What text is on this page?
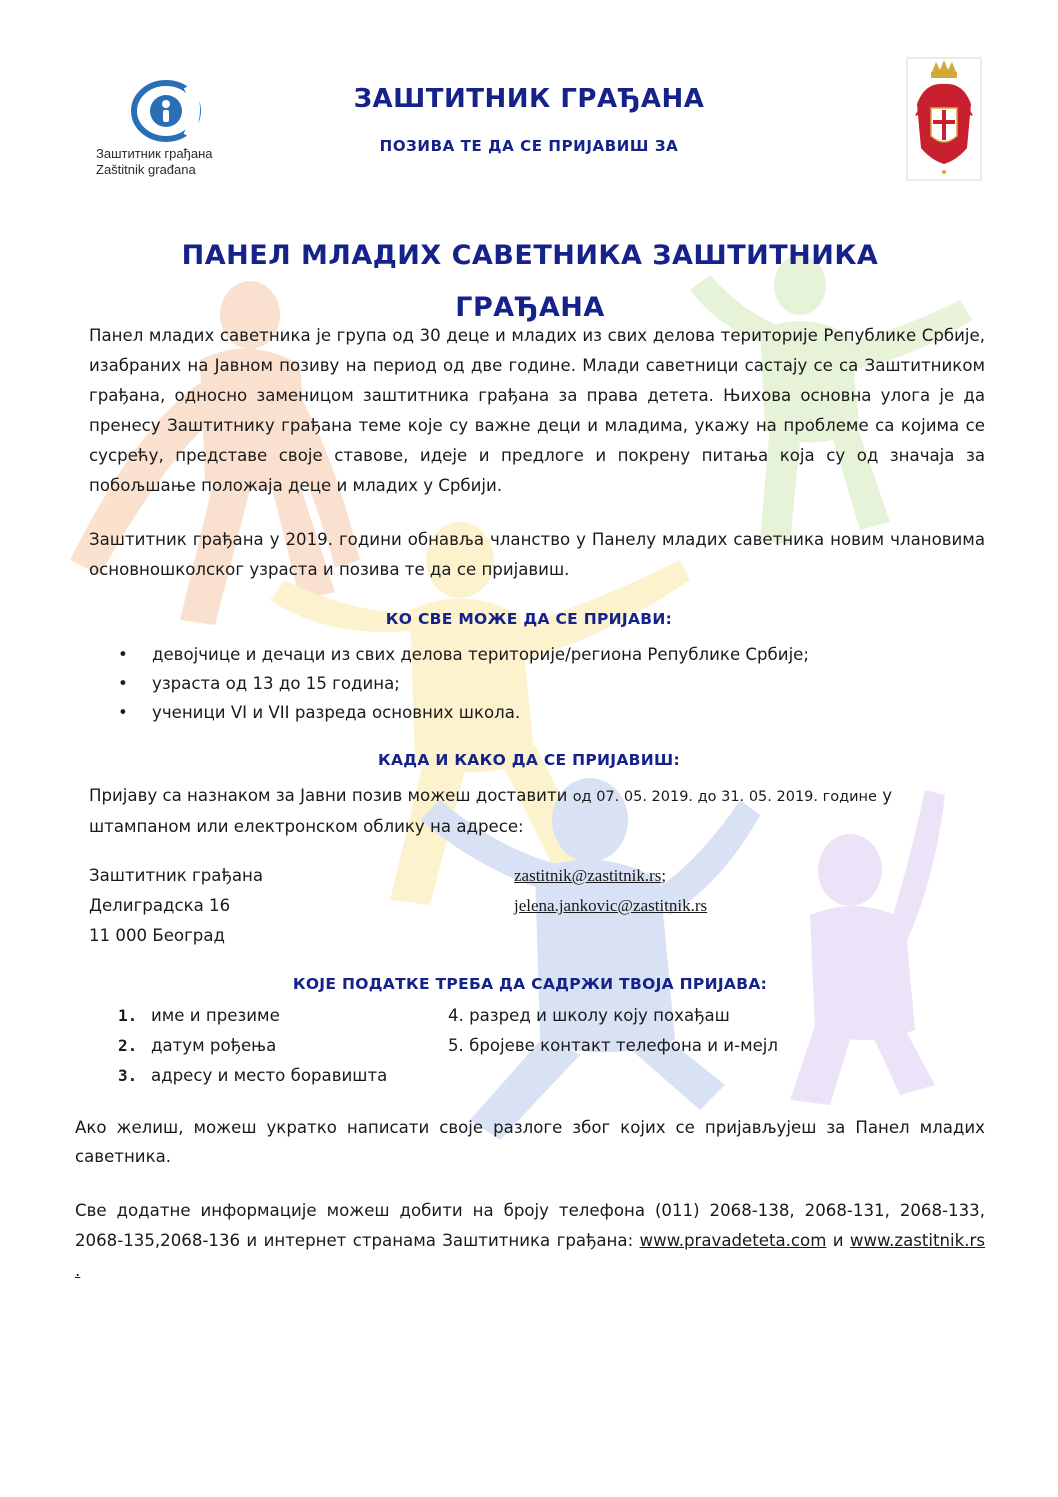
Заштитник грађана
Zaštitnik građana
ЗАШТИТНИК ГРАЂАНА
ПОЗИВА ТЕ ДА СЕ ПРИЈАВИШ ЗА
ПАНЕЛ МЛАДИХ САВЕТНИКА ЗАШТИТНИКА
ГРАЂАНА
Панел младих саветника је група од 30 деце и младих из свих делова територије Републике Србије, изабраних на Јавном позиву на период од две године. Млади саветници састају се са Заштитником грађана, односно заменицом заштитника грађана за права детета. Њихова основна улога је да пренесу Заштитнику грађана теме које су важне деци и младима, укажу на проблеме са којима се сусрећу, представе своје ставове, идеје и предлоге и покрену питања која су од значаја за побољшање положаја деце и младих у Србији.
Заштитник грађана у 2019. години обнавља чланство у Панелу младих саветника новим члановима основношколског узраста и позива те да се пријавиш.
КО СВЕ МОЖЕ ДА СЕ ПРИЈАВИ:
• девојчице и дечаци из свих делова територије/региона Републике Србије;
• узраста од 13 до 15 година;
• ученици VI и VII разреда основних школа.
КАДА И КАКО ДА СЕ ПРИЈАВИШ:
Пријаву са назнаком за Јавни позив можеш доставити од 07. 05. 2019. до 31. 05. 2019. године у штампаном или електронском облику на адресе:
Заштитник грађана
Делиградска 16
11 000 Београд
zastitnik@zastitnik.rs;
jelena.jankovic@zastitnik.rs
КОЈЕ ПОДАТКЕ ТРЕБА ДА САДРЖИ ТВОЈА ПРИЈАВА:
1. име и презиме	4. разред и школу коју похађаш
2. датум рођења	5. бројеве контакт телефона и и-мејл
3. адресу и место боравишта
Ако желиш, можеш укратко написати своје разлоге због којих се пријављујеш за Панел младих саветника.
Све додатне информације можеш добити на броју телефона (011) 2068-138, 2068-131, 2068-133, 2068-135,2068-136 и интернет странама Заштитника грађана: www.pravadeteta.com и www.zastitnik.rs .
